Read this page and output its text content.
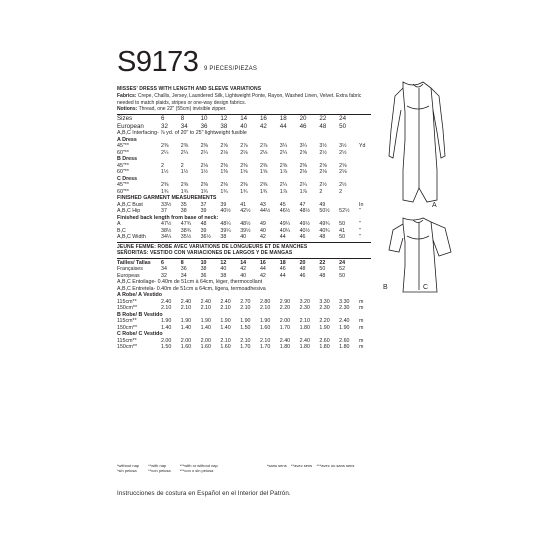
S9173 9 PIECES/PIEZAS
MISSES' DRESS WITH LENGTH AND SLEEVE VARIATIONS
Fabrics: Crepe, Challis, Jersey, Laundered Silk, Lightweight Ponte, Rayon, Washed Linen, Velvet. Extra fabric needed to match plaids, stripes or one-way design fabrics.
Notions: Thread, one 22" (55cm) invisible zipper.
Sizes	6	8	10	12	14	16	18	20	22	24	
European	32	34	36	38	40	42	44	46	48	50	
A,B,C Interfacing- ⅞ yd. of 20" to 25" lightweight fusible											
A Dress											
45"**	2⅜	2⅜	2⅜	2⅝	2⅞	2⅞	3¼	3¼	3½	3½	Yd
60"**	2¼	2¼	2¼	2⅛	2⅛	2⅛	2¼	2⅝	2½	2½	
B Dress											
45"**	2	2	2⅛	2⅜	2⅜	2⅜	2⅜	2⅜	2⅝	2⅝	
60"**	1½	1½	1½	1⅜	1⅝	1⅝	1⅞	2⅛	2⅛	2⅛	
C Dress											
45"**	2⅜	2⅜	2⅜	2⅜	2⅜	2⅜	2¼	2¼	2½	2½	
60"**	1¾	1¾	1¾	1¾	1¾	1¾	1⅞	1⅞	2	2	
FINISHED GARMENT MEASUREMENTS											
A,B,C Bust	33½	35	37	39	41	43	45	47	49		In
A,B,C Hip	37	38	39	40½	42½	44½	46½	48½	50½	52½	"
Finished back length from base of neck:											
A	47½	47¾	48	48¼	48½	49	49¼	49½	49¾	50	"
B,C	38½	38¾	39	39¼	39½	40	40¼	40½	40¾	41	"
A,B,C Width	34¼	35½	36½	38	40	42	44	46	48	50	"
JEUNE FEMME: ROBE AVEC VARIATIONS DE LONGUEURS ET DE MANCHES
SEÑORITAS: VESTIDO CON VARIACIONES DE LARGOS Y DE MANGAS
Tailles/ Tallas	6	8	10	12	14	16	18	20	22	24	
Françaises	34	36	38	40	42	44	46	48	50	52	
Europeas	32	34	36	38	40	42	44	46	48	50	
A,B,C Entoilage- 0.40m de 51cm à 64cm, léger, thermocollant											
A,B,C Entretela- 0.40m de 51cm a 64cm, ligera, termoadhesiva											
A Robe/ A Vestido											
115cm**	2.40	2.40	2.40	2.40	2.70	2.80	2.90	3.20	3.30	3.30	m
150cm**	2.10	2.10	2.10	2.10	2.10	2.10	2.20	2.30	2.30	2.30	m
B Robe/ B Vestido											
115cm**	1.90	1.90	1.90	1.90	1.90	1.90	2.00	2.10	2.20	2.40	m
150cm**	1.40	1.40	1.40	1.40	1.50	1.60	1.70	1.80	1.90	1.90	m
C Robe/ C Vestido											
115cm**	2.00	2.00	2.00	2.10	2.10	2.10	2.40	2.40	2.60	2.60	m
150cm**	1.50	1.60	1.60	1.60	1.70	1.70	1.80	1.80	1.80	1.80	m
*without nap
*sin pelusa

**with nap
**con pelusa

***with or without nap
***con o sin pelusa
*sans sens **avec sens ***avec ou sans sens
Instrucciones de costura en Español en el Interior del Patrón.
A
B	C
